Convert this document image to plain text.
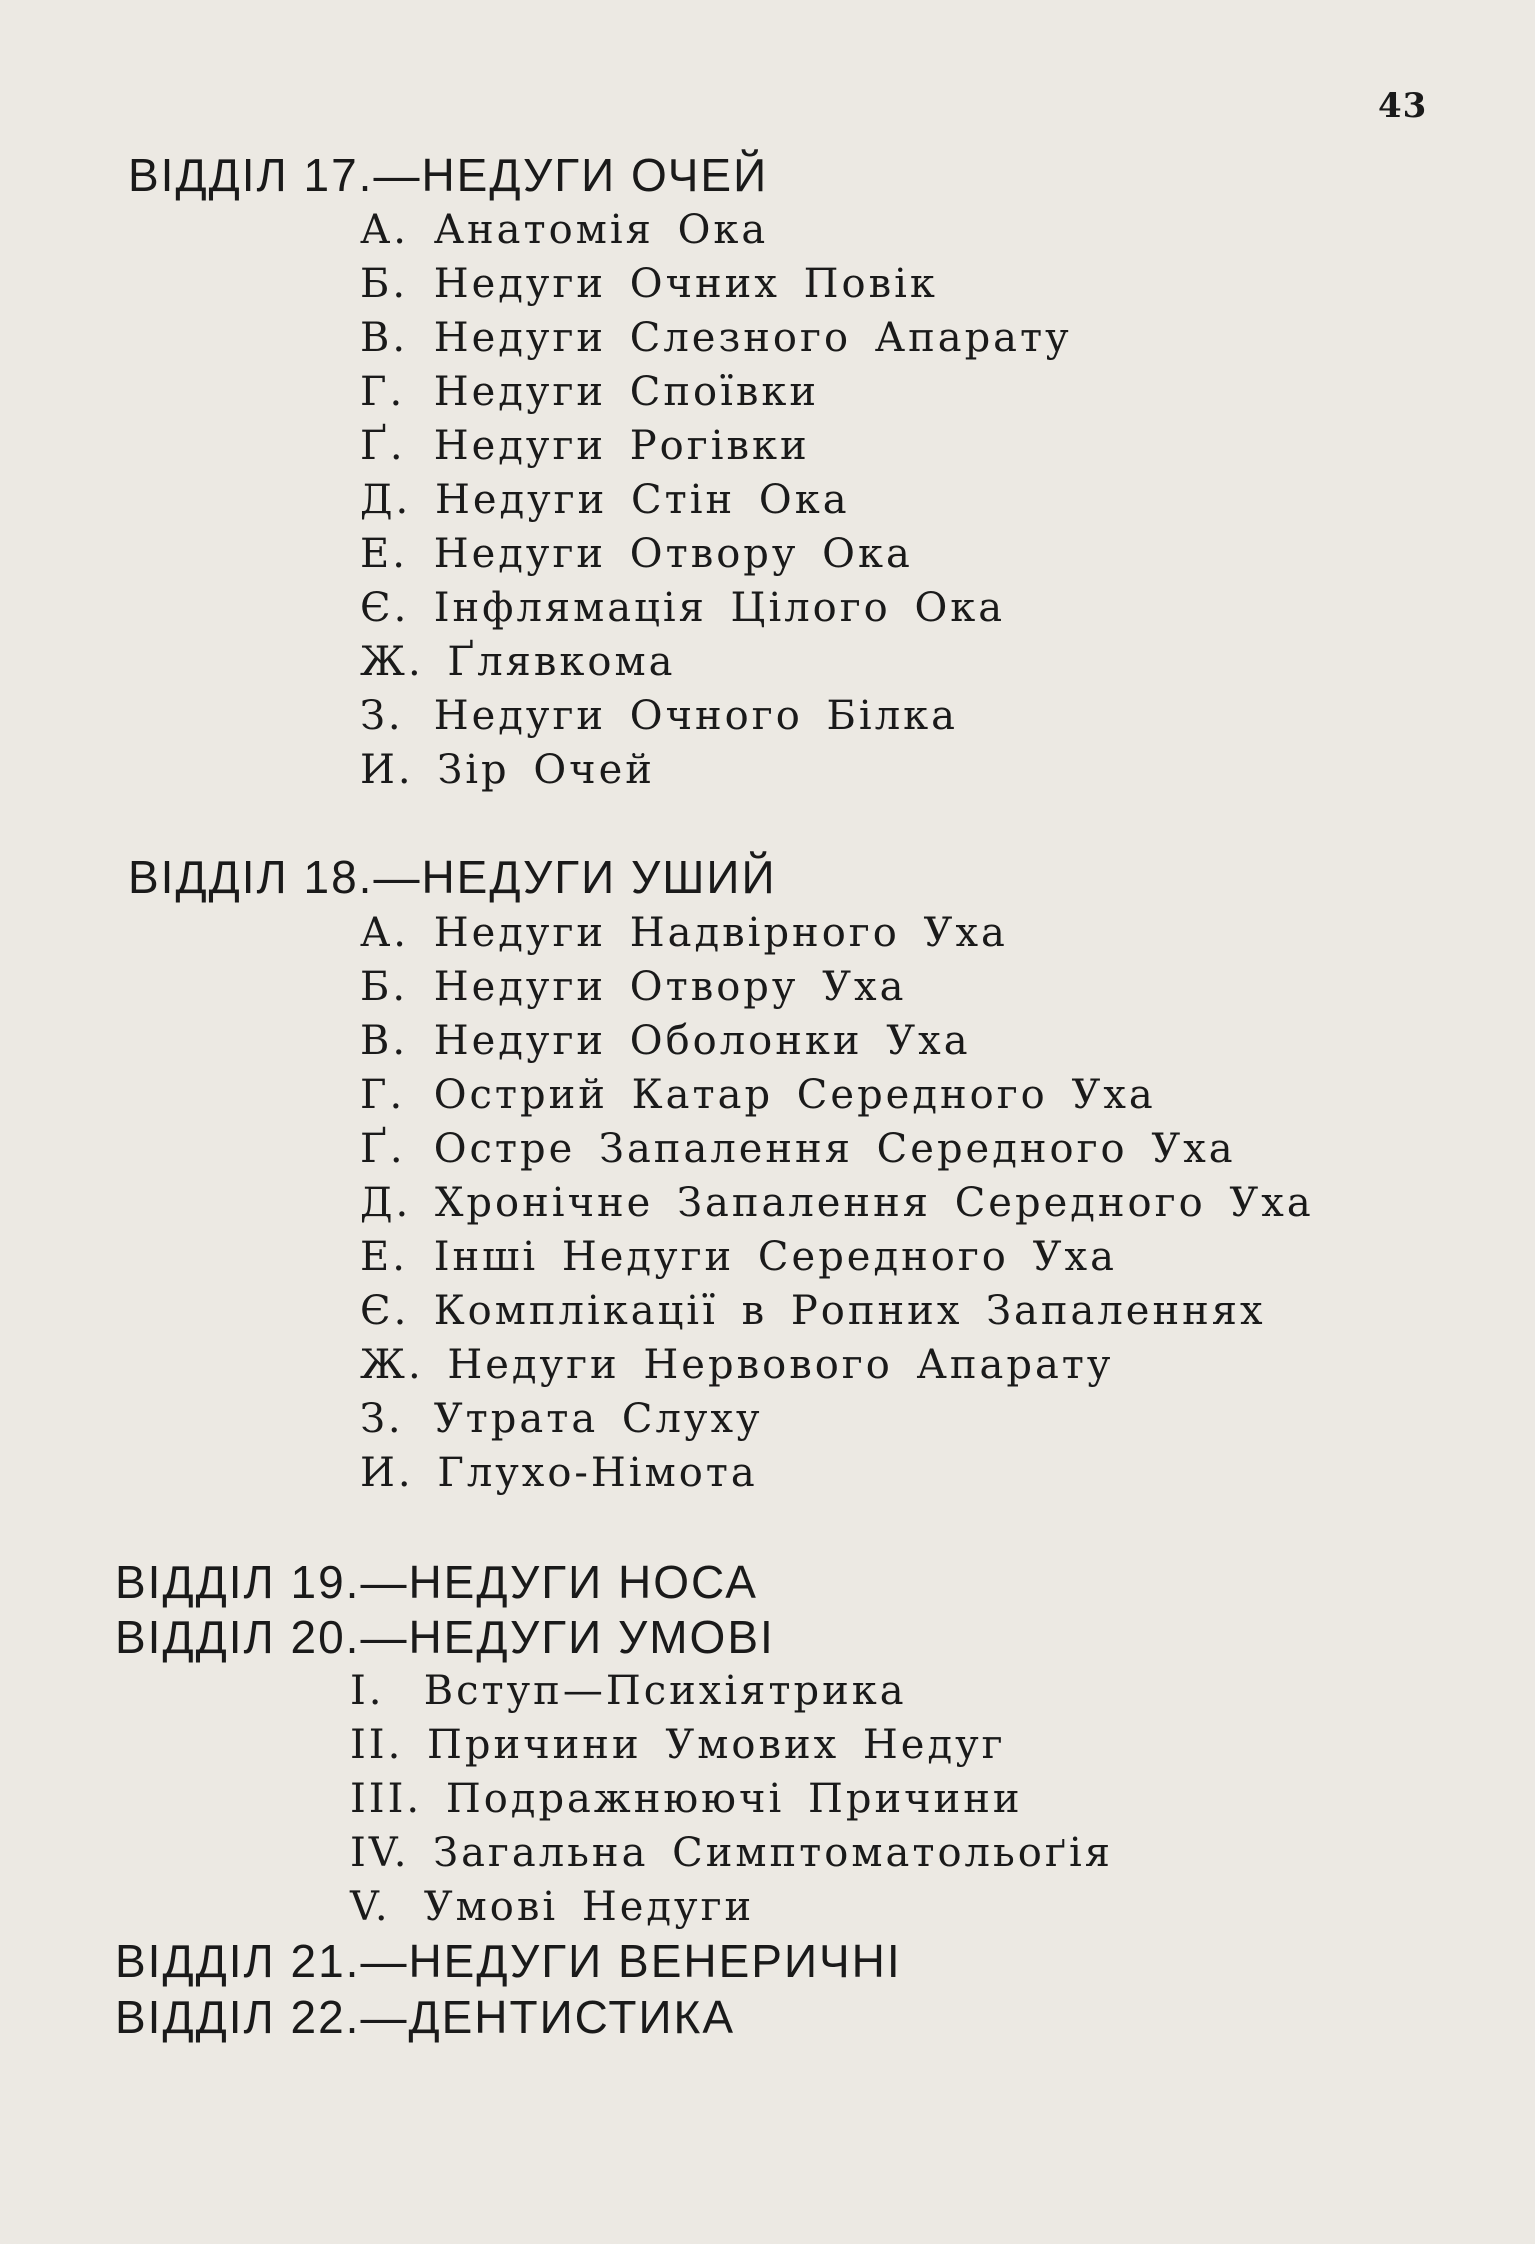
43
ВІДДІЛ 17.—НЕДУГИ ОЧЕЙ
А. Анатомія Ока
Б. Недуги Очних Повік
В. Недуги Слезного Апарату
Г. Недуги Споївки
Ґ. Недуги Рогівки
Д. Недуги Стін Ока
Е. Недуги Отвору Ока
Є. Інфлямація Цілого Ока
Ж. Ґлявкома
З. Недуги Очного Білка
И. Зір Очей
ВІДДІЛ 18.—НЕДУГИ УШИЙ
А. Недуги Надвірного Уха
Б. Недуги Отвору Уха
В. Недуги Оболонки Уха
Г. Острий Катар Середного Уха
Ґ. Остре Запалення Середного Уха
Д. Хронічне Запалення Середного Уха
Е. Інші Недуги Середного Уха
Є. Комплікації в Ропних Запаленнях
Ж. Недуги Нервового Апарату
З. Утрата Слуху
И. Глухо-Німота
ВІДДІЛ 19.—НЕДУГИ НОСА
ВІДДІЛ 20.—НЕДУГИ УМОВІ
I. Вступ—Психіятрика
II. Причини Умових Недуг
III. Подражнюючі Причини
IV. Загальна Симптоматольоґія
V. Умові Недуги
ВІДДІЛ 21.—НЕДУГИ ВЕНЕРИЧНІ
ВІДДІЛ 22.—ДЕНТИСТИКА
